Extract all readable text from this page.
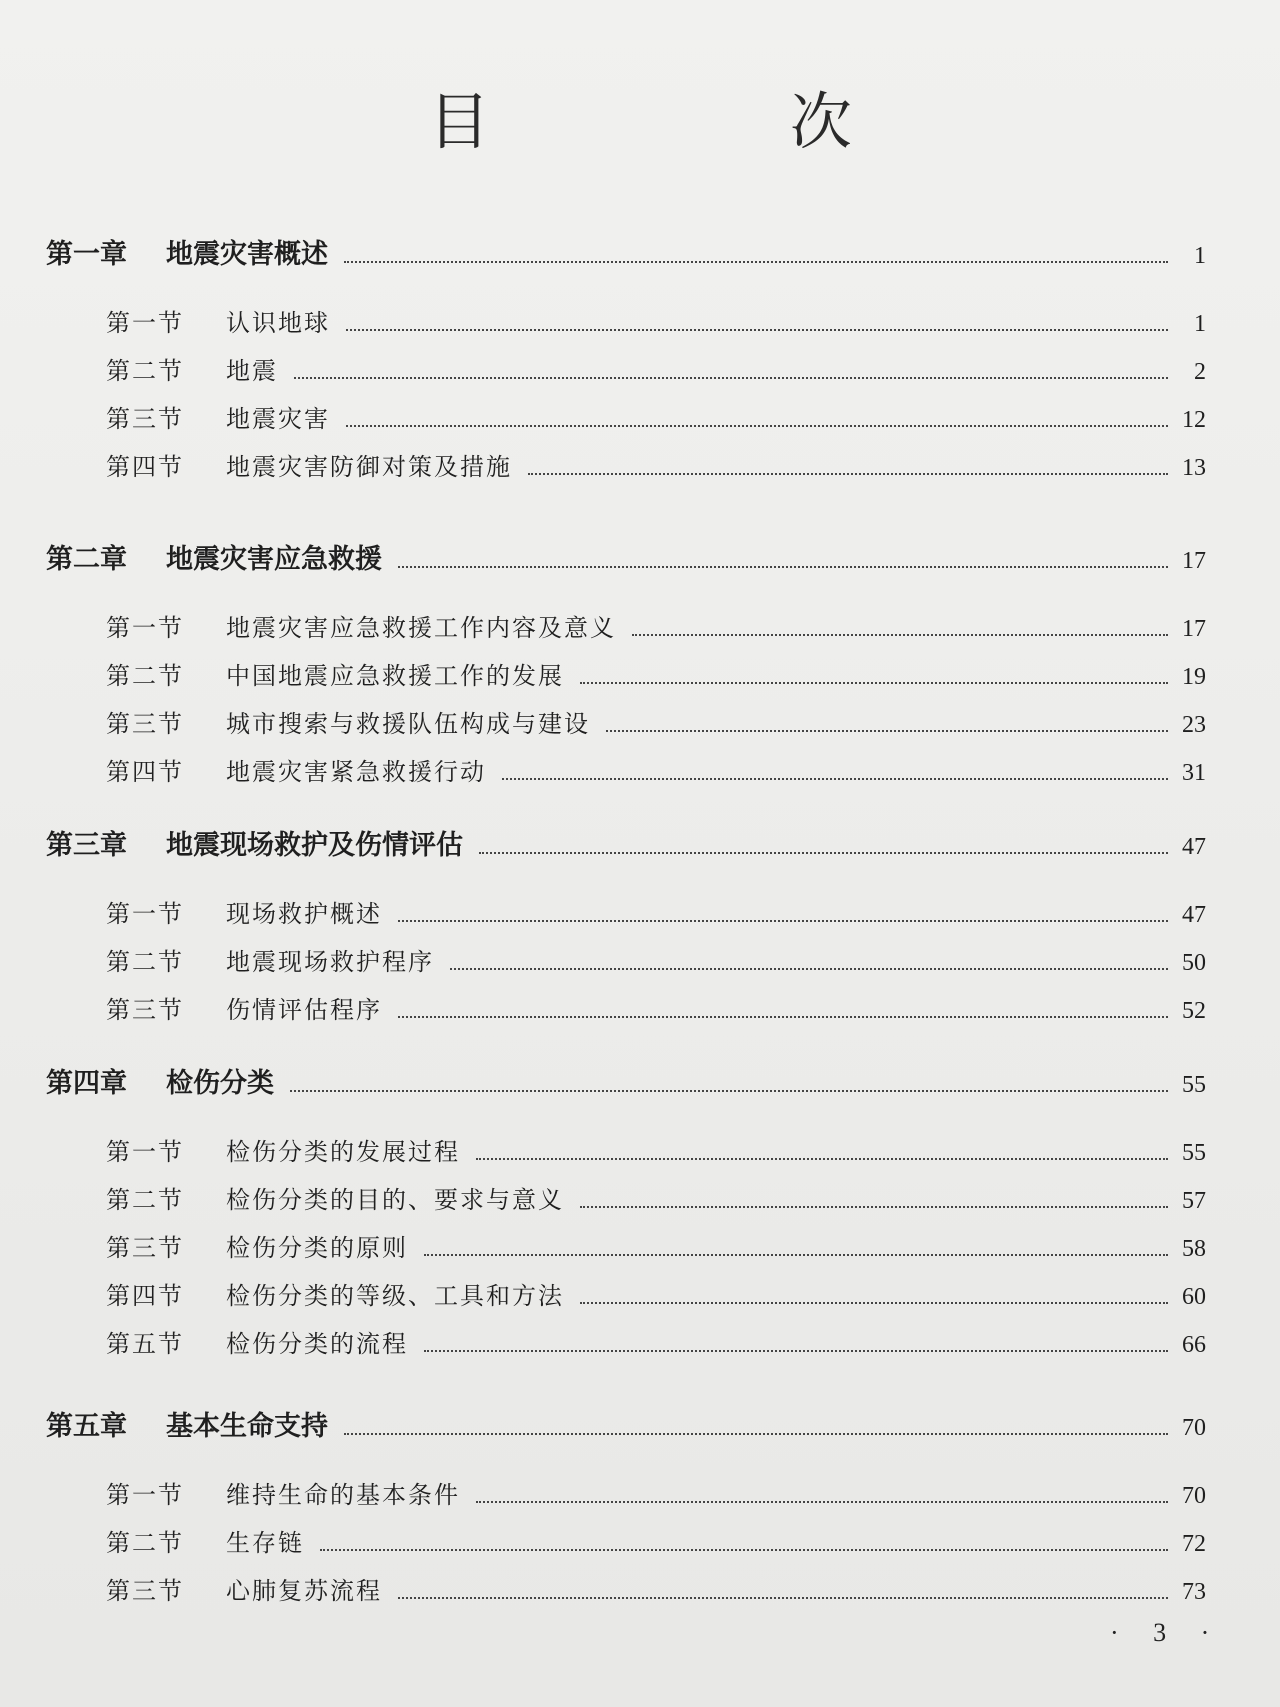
目 次
第一章	地震灾害概述	1
第一节	认识地球	1
第二节	地震	2
第三节	地震灾害	12
第四节	地震灾害防御对策及措施	13
第二章	地震灾害应急救援	17
第一节	地震灾害应急救援工作内容及意义	17
第二节	中国地震应急救援工作的发展	19
第三节	城市搜索与救援队伍构成与建设	23
第四节	地震灾害紧急救援行动	31
第三章	地震现场救护及伤情评估	47
第一节	现场救护概述	47
第二节	地震现场救护程序	50
第三节	伤情评估程序	52
第四章	检伤分类	55
第一节	检伤分类的发展过程	55
第二节	检伤分类的目的、要求与意义	57
第三节	检伤分类的原则	58
第四节	检伤分类的等级、工具和方法	60
第五节	检伤分类的流程	66
第五章	基本生命支持	70
第一节	维持生命的基本条件	70
第二节	生存链	72
第三节	心肺复苏流程	73
· 3 ·
